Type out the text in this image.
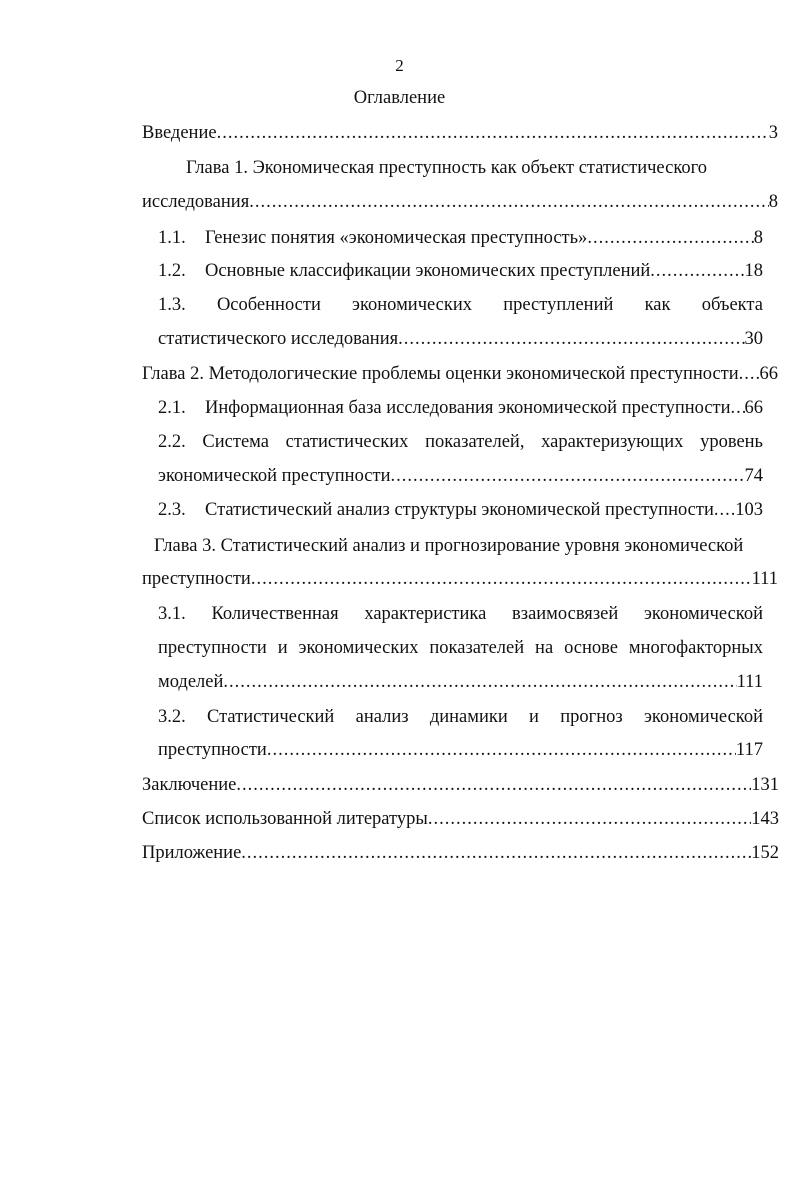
2
Оглавление
Введение .....	3
Глава 1. Экономическая преступность как объект статистического
исследования .....	8
1.1. Генезис понятия «экономическая преступность» .....	8
1.2. Основные классификации экономических преступлений .....	18
1.3. Особенности экономических преступлений как объекта
статистического исследования .....	30
Глава 2. Методологические проблемы оценки экономической преступности ..... 66
2.1. Информационная база исследования экономической преступности ..... 66
2.2. Система статистических показателей, характеризующих уровень
экономической преступности .....	74
2.3. Статистический анализ структуры экономической преступности ..... 103
Глава 3. Статистический анализ и прогнозирование уровня экономической
преступности .....	111
3.1. Количественная характеристика взаимосвязей экономической
преступности и экономических показателей на основе многофакторных
моделей .....	111
3.2. Статистический анализ динамики и прогноз экономической
преступности .....	117
Заключение .....	131
Список использованной литературы .....	143
Приложение .....	152
